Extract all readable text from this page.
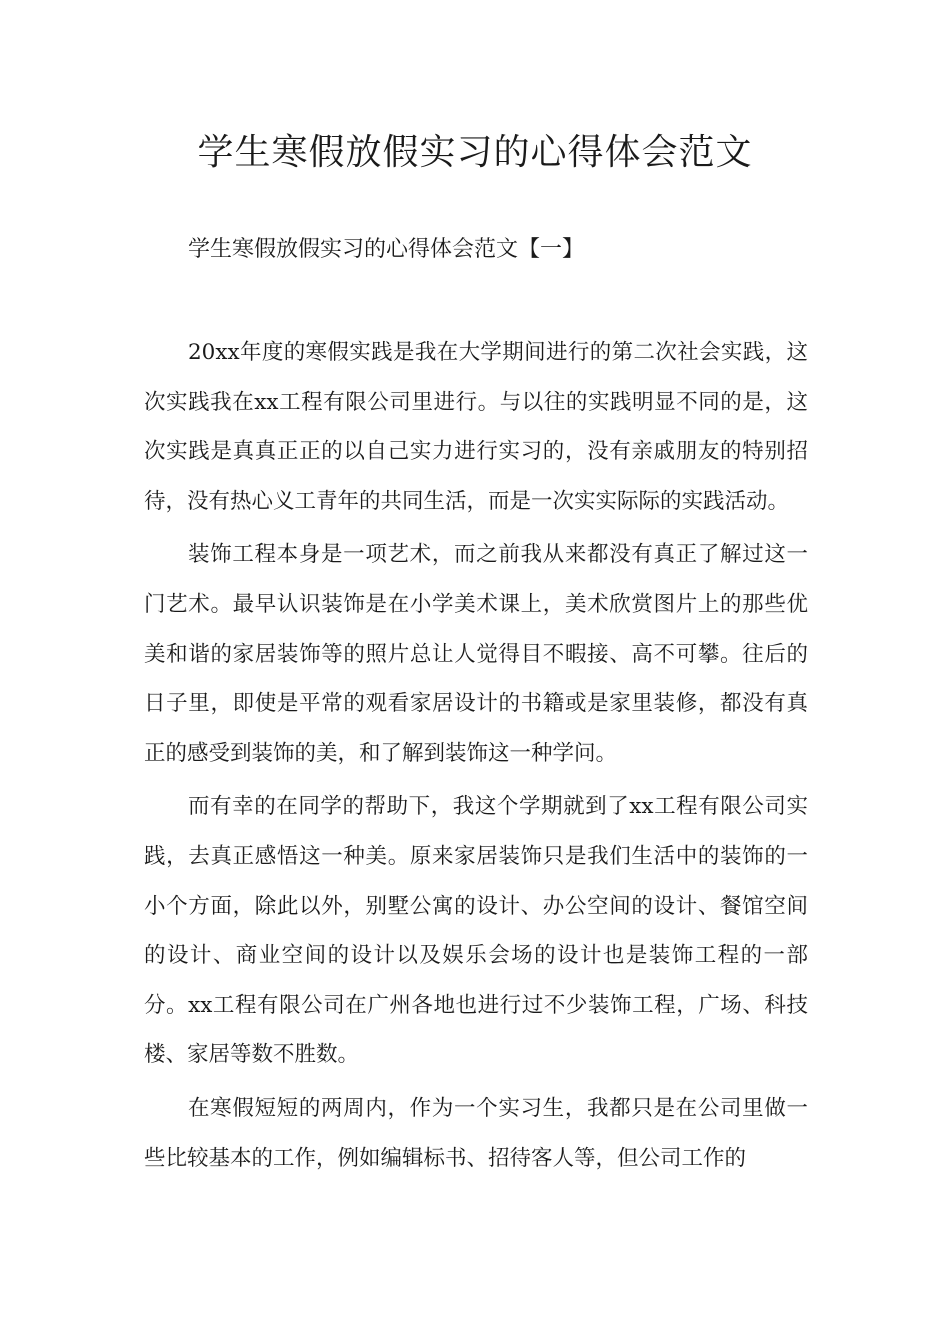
学生寒假放假实习的心得体会范文
学生寒假放假实习的心得体会范文【一】

20xx年度的寒假实践是我在大学期间进行的第二次社会实践，这次实践我在xx工程有限公司里进行。与以往的实践明显不同的是，这次实践是真真正正的以自己实力进行实习的，没有亲戚朋友的特别招待，没有热心义工青年的共同生活，而是一次实实际际的实践活动。

装饰工程本身是一项艺术，而之前我从来都没有真正了解过这一门艺术。最早认识装饰是在小学美术课上，美术欣赏图片上的那些优美和谐的家居装饰等的照片总让人觉得目不暇接、高不可攀。往后的日子里，即使是平常的观看家居设计的书籍或是家里装修，都没有真正的感受到装饰的美，和了解到装饰这一种学问。

而有幸的在同学的帮助下，我这个学期就到了xx工程有限公司实践，去真正感悟这一种美。原来家居装饰只是我们生活中的装饰的一小个方面，除此以外，别墅公寓的设计、办公空间的设计、餐馆空间的设计、商业空间的设计以及娱乐会场的设计也是装饰工程的一部分。xx工程有限公司在广州各地也进行过不少装饰工程，广场、科技楼、家居等数不胜数。

在寒假短短的两周内，作为一个实习生，我都只是在公司里做一些比较基本的工作，例如编辑标书、招待客人等，但公司工作的
